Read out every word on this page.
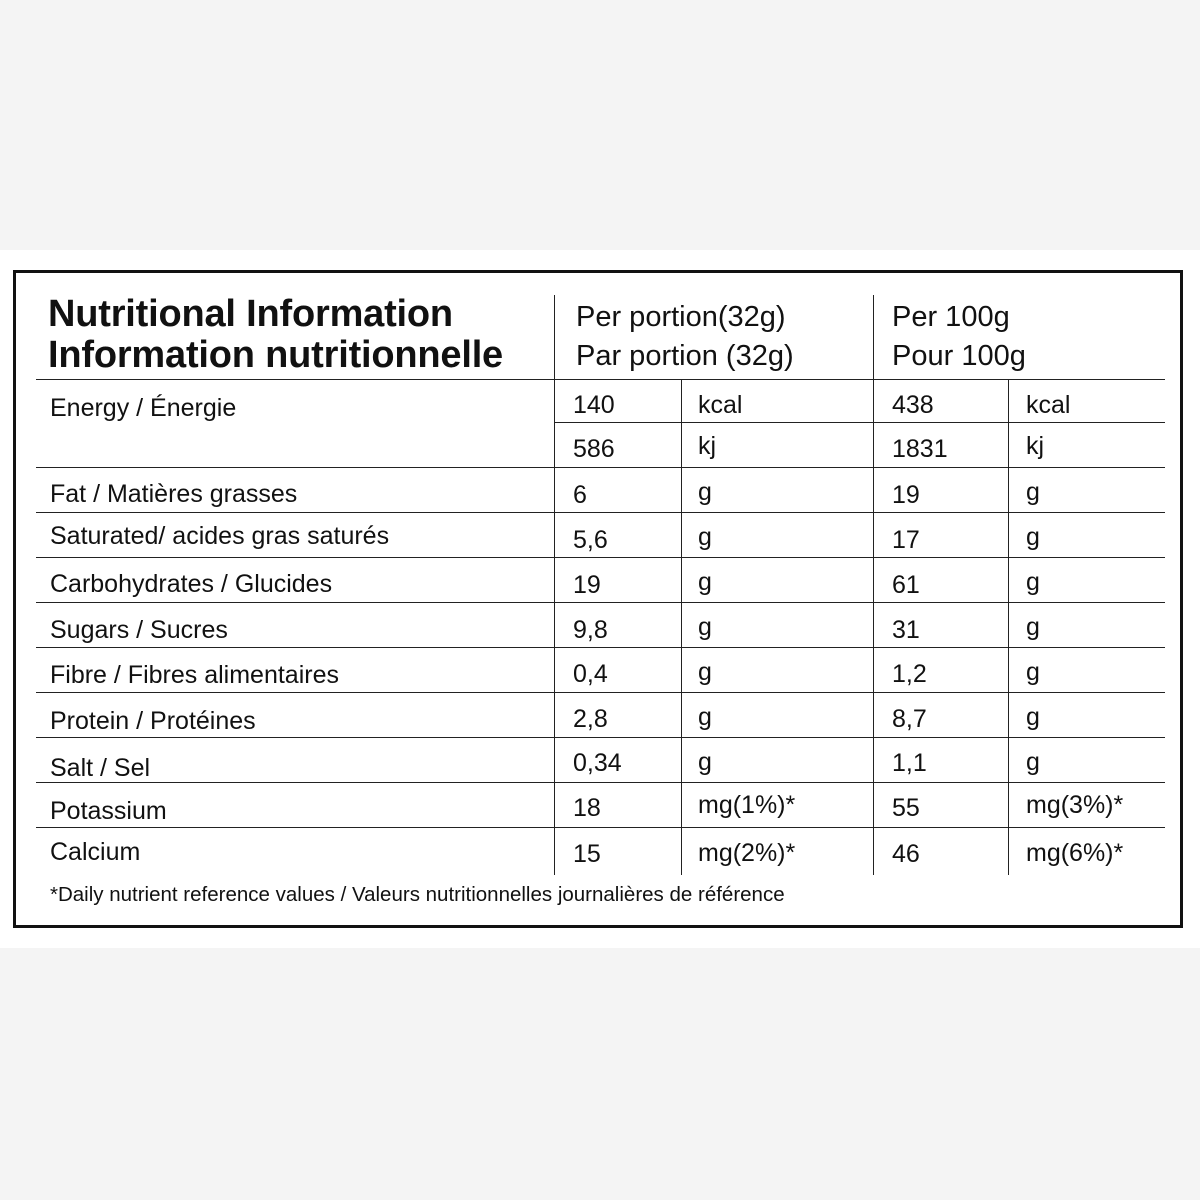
Nutritional Information
Information nutritionnelle
Per portion(32g)
Par portion (32g)
Per 100g
Pour 100g
Energy / Énergie	140	kcal	438	kcal
586	kj	1831	kj
Fat / Matières grasses	6	g	19	g
Saturated/ acides gras saturés	5,6	g	17	g
Carbohydrates / Glucides	19	g	61	g
Sugars / Sucres	9,8	g	31	g
Fibre / Fibres alimentaires	0,4	g	1,2	g
Protein / Protéines	2,8	g	8,7	g
Salt / Sel	0,34	g	1,1	g
Potassium	18	mg(1%)*	55	mg(3%)*
Calcium	15	mg(2%)*	46	mg(6%)*
*Daily nutrient reference values / Valeurs nutritionnelles journalières de référence
